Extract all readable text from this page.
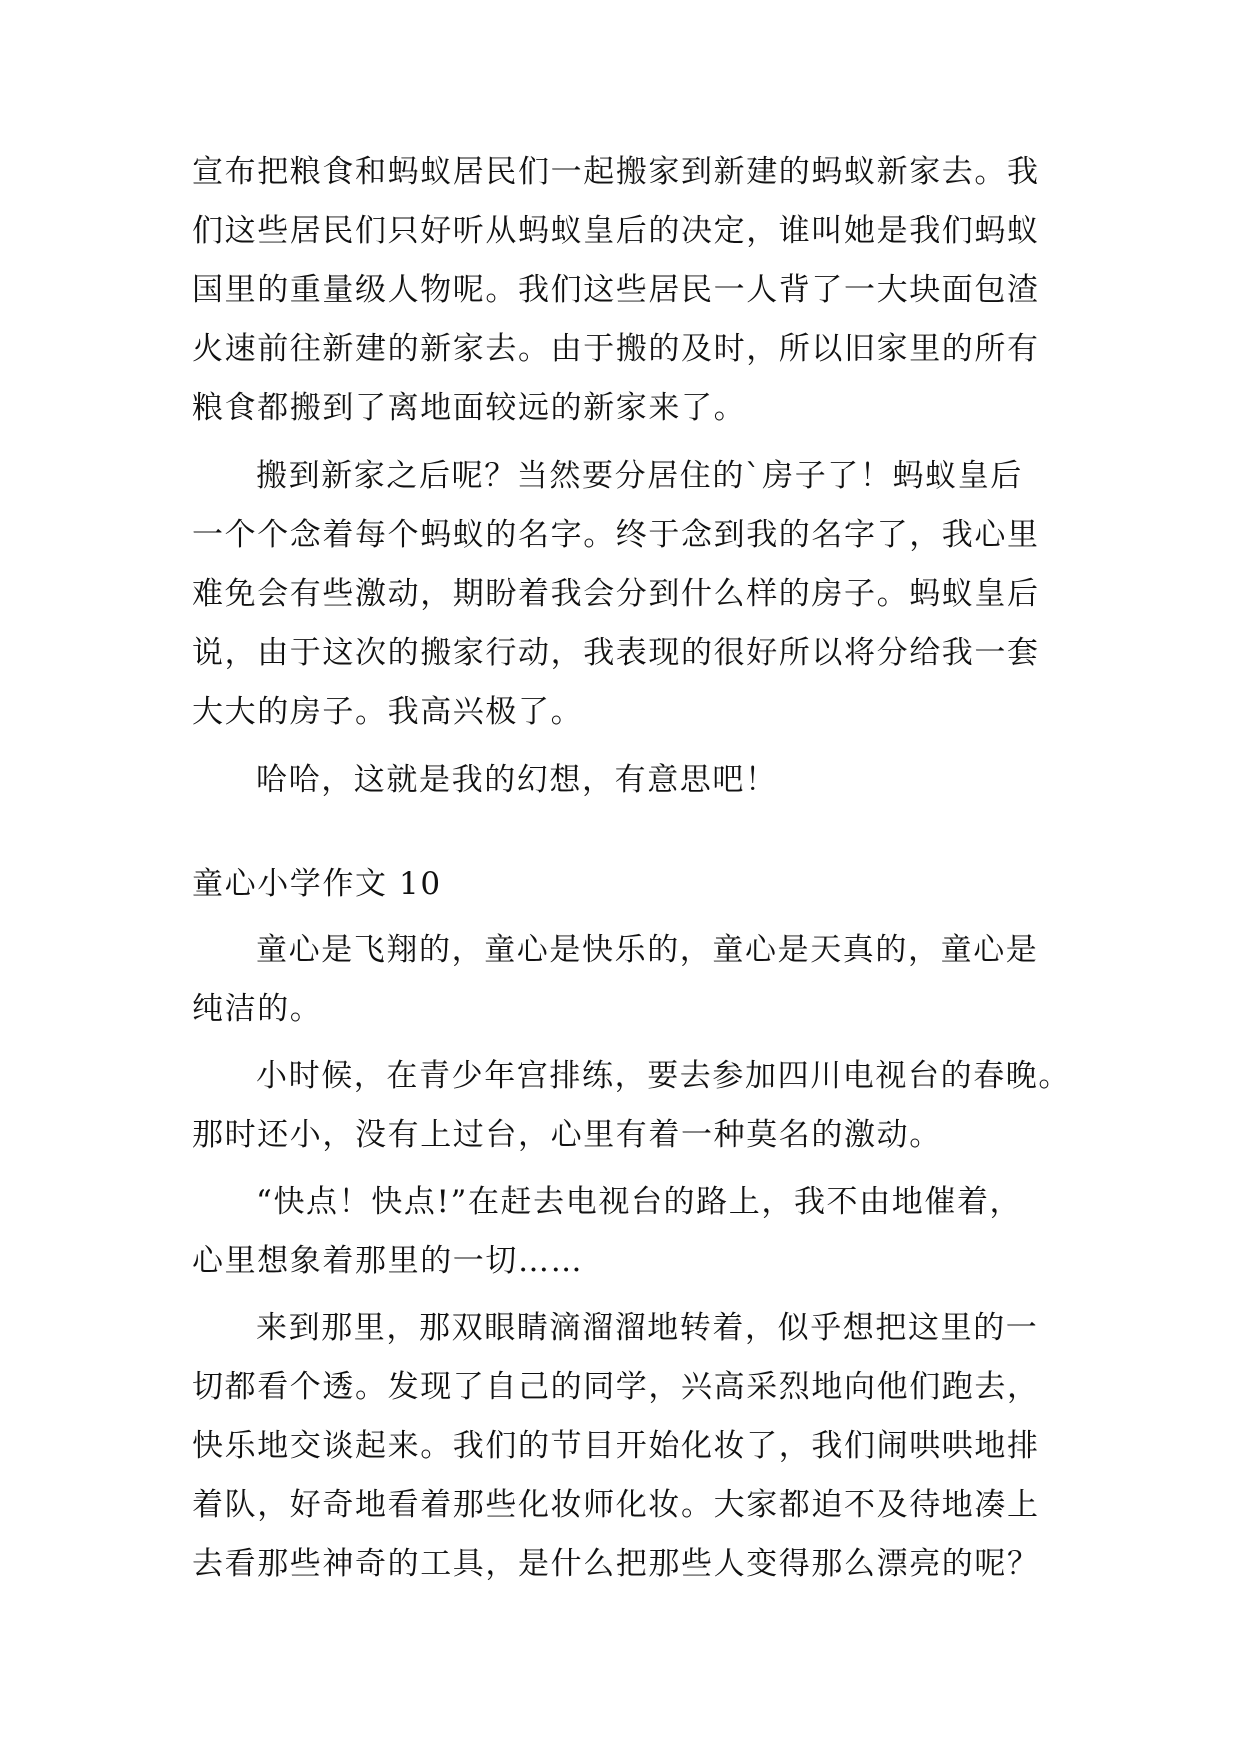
宣布把粮食和蚂蚁居民们一起搬家到新建的蚂蚁新家去。我
们这些居民们只好听从蚂蚁皇后的决定，谁叫她是我们蚂蚁
国里的重量级人物呢。我们这些居民一人背了一大块面包渣
火速前往新建的新家去。由于搬的及时，所以旧家里的所有
粮食都搬到了离地面较远的新家来了。
搬到新家之后呢？当然要分居住的`房子了！蚂蚁皇后
一个个念着每个蚂蚁的名字。终于念到我的名字了，我心里
难免会有些激动，期盼着我会分到什么样的房子。蚂蚁皇后
说，由于这次的搬家行动，我表现的很好所以将分给我一套
大大的房子。我高兴极了。
哈哈，这就是我的幻想，有意思吧！
童心小学作文 10
童心是飞翔的，童心是快乐的，童心是天真的，童心是
纯洁的。
小时候，在青少年宫排练，要去参加四川电视台的春晚。
那时还小，没有上过台，心里有着一种莫名的激动。
“快点！快点!”在赶去电视台的路上，我不由地催着，
心里想象着那里的一切……
来到那里，那双眼睛滴溜溜地转着，似乎想把这里的一
切都看个透。发现了自己的同学，兴高采烈地向他们跑去，
快乐地交谈起来。我们的节目开始化妆了，我们闹哄哄地排
着队，好奇地看着那些化妆师化妆。大家都迫不及待地凑上
去看那些神奇的工具，是什么把那些人变得那么漂亮的呢？
